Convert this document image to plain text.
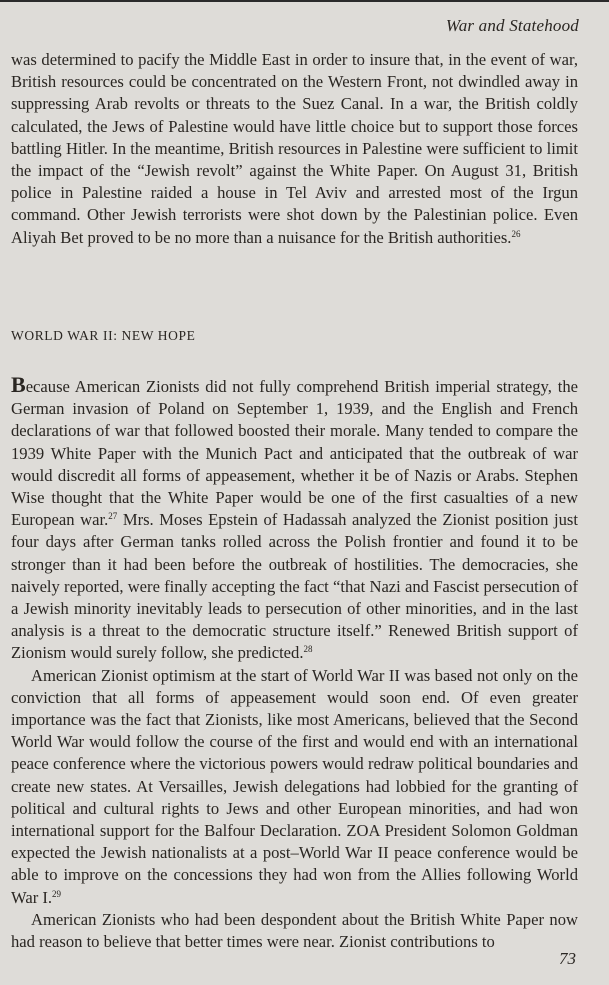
War and Statehood

was determined to pacify the Middle East in order to insure that, in the event of war, British resources could be concentrated on the Western Front, not dwindled away in suppressing Arab revolts or threats to the Suez Canal. In a war, the British coldly calculated, the Jews of Palestine would have little choice but to support those forces battling Hitler. In the meantime, British resources in Palestine were sufficient to limit the impact of the “Jewish revolt” against the White Paper. On August 31, British police in Palestine raided a house in Tel Aviv and arrested most of the Irgun command. Other Jewish terrorists were shot down by the Palestinian police. Even Aliyah Bet proved to be no more than a nuisance for the British authorities.$^{26}$

WORLD WAR II: NEW HOPE

Because American Zionists did not fully comprehend British imperial strategy, the German invasion of Poland on September 1, 1939, and the English and French declarations of war that followed boosted their morale. Many tended to compare the 1939 White Paper with the Munich Pact and anticipated that the outbreak of war would discredit all forms of appeasement, whether it be of Nazis or Arabs. Stephen Wise thought that the White Paper would be one of the first casualties of a new European war.$^{27}$ Mrs. Moses Epstein of Hadassah analyzed the Zionist position just four days after German tanks rolled across the Polish frontier and found it to be stronger than it had been before the outbreak of hostilities. The democracies, she naively reported, were finally accepting the fact “that Nazi and Fascist persecution of a Jewish minority inevitably leads to persecution of other minorities, and in the last analysis is a threat to the democratic structure itself.” Renewed British support of Zionism would surely follow, she predicted.$^{28}$

American Zionist optimism at the start of World War II was based not only on the conviction that all forms of appeasement would soon end. Of even greater importance was the fact that Zionists, like most Americans, believed that the Second World War would follow the course of the first and would end with an international peace conference where the victorious powers would redraw political boundaries and create new states. At Versailles, Jewish delegations had lobbied for the granting of political and cultural rights to Jews and other European minorities, and had won international support for the Balfour Declaration. ZOA President Solomon Goldman expected the Jewish nationalists at a post–World War II peace conference would be able to improve on the concessions they had won from the Allies following World War I.$^{29}$

American Zionists who had been despondent about the British White Paper now had reason to believe that better times were near. Zionist contributions to

73
